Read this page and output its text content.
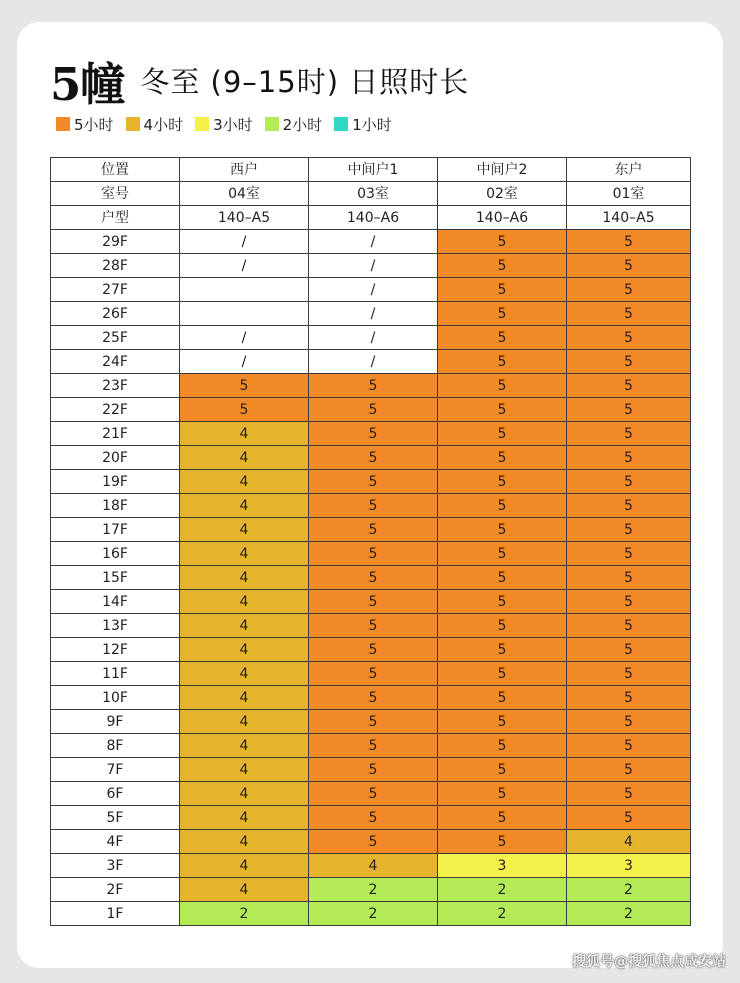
5幢 冬至 (9–15时) 日照时长
5小时 4小时 3小时 2小时 1小时
位置	西户	中间户1	中间户2	东户
室号	04室	03室	02室	01室
户型	140–A5	140–A6	140–A6	140–A5
29F	/	/	5	5
28F	/	/	5	5
27F		/	5	5
26F		/	5	5
25F	/	/	5	5
24F	/	/	5	5
23F	5	5	5	5
22F	5	5	5	5
21F	4	5	5	5
20F	4	5	5	5
19F	4	5	5	5
18F	4	5	5	5
17F	4	5	5	5
16F	4	5	5	5
15F	4	5	5	5
14F	4	5	5	5
13F	4	5	5	5
12F	4	5	5	5
11F	4	5	5	5
10F	4	5	5	5
9F	4	5	5	5
8F	4	5	5	5
7F	4	5	5	5
6F	4	5	5	5
5F	4	5	5	5
4F	4	5	5	4
3F	4	4	3	3
2F	4	2	2	2
1F	2	2	2	2
搜狐号@搜狐焦点咸安站
